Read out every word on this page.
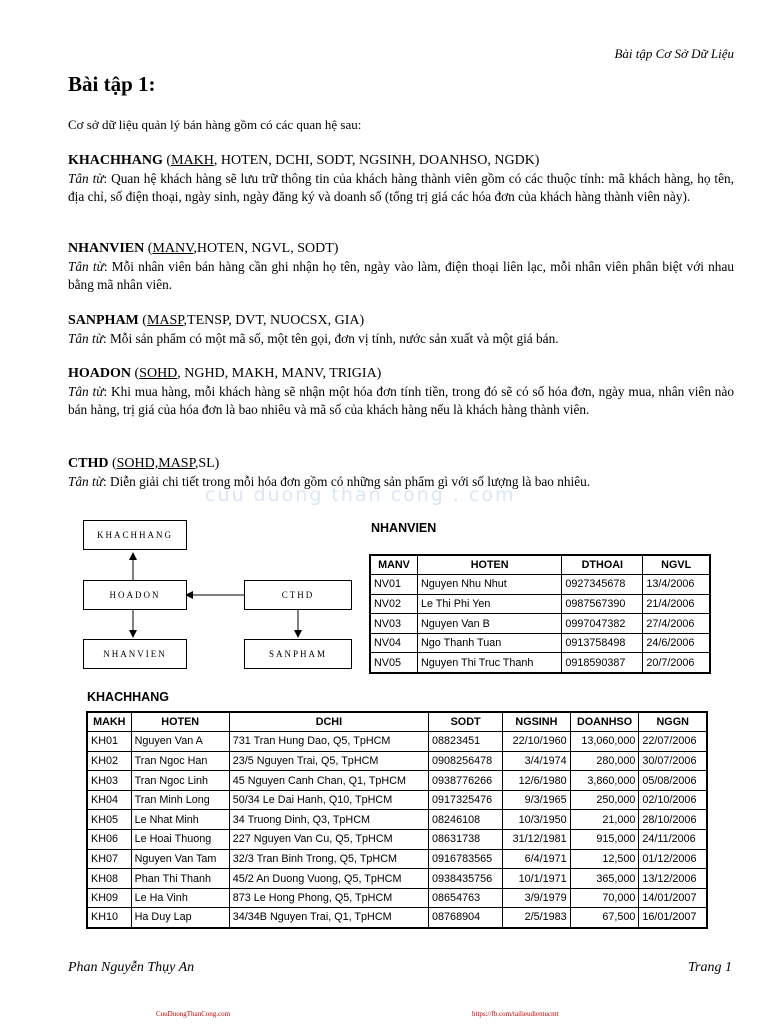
Bài tập Cơ Sở Dữ Liệu
Bài tập 1:
Cơ sở dữ liệu quản lý bán hàng gồm có các quan hệ sau:
KHACHHANG (MAKH, HOTEN, DCHI, SODT, NGSINH, DOANHSO, NGDK)
Tân từ: Quan hệ khách hàng sẽ lưu trữ thông tin của khách hàng thành viên gồm có các thuộc tính: mã khách hàng, họ tên, địa chỉ, số điện thoại, ngày sinh, ngày đăng ký và doanh số (tổng trị giá các hóa đơn của khách hàng thành viên này).
NHANVIEN (MANV,HOTEN, NGVL, SODT)
Tân từ: Mỗi nhân viên bán hàng cần ghi nhận họ tên, ngày vào làm, điện thoại liên lạc, mỗi nhân viên phân biệt với nhau bằng mã nhân viên.
SANPHAM (MASP,TENSP, DVT, NUOCSX, GIA)
Tân từ: Mỗi sản phẩm có một mã số, một tên gọi, đơn vị tính, nước sản xuất và một giá bán.
HOADON (SOHD, NGHD, MAKH, MANV, TRIGIA)
Tân từ: Khi mua hàng, mỗi khách hàng sẽ nhận một hóa đơn tính tiền, trong đó sẽ có số hóa đơn, ngày mua, nhân viên nào bán hàng, trị giá của hóa đơn là bao nhiêu và mã số của khách hàng nếu là khách hàng thành viên.
CTHD (SOHD,MASP,SL)
Tân từ: Diễn giải chi tiết trong mỗi hóa đơn gồm có những sản phẩm gì với số lượng là bao nhiêu.
cuu duong than cong . com
KHACHHANG
HOADON	CTHD
NHANVIEN	SANPHAM
NHANVIEN
MANV	HOTEN	DTHOAI	NGVL
NV01	Nguyen Nhu Nhut	0927345678	13/4/2006
NV02	Le Thi Phi Yen	0987567390	21/4/2006
NV03	Nguyen Van B	0997047382	27/4/2006
NV04	Ngo Thanh Tuan	0913758498	24/6/2006
NV05	Nguyen Thi Truc Thanh	0918590387	20/7/2006
KHACHHANG
MAKH	HOTEN	DCHI	SODT	NGSINH	DOANHSO	NGGN
KH01	Nguyen Van A	731 Tran Hung Dao, Q5, TpHCM	08823451	22/10/1960	13,060,000	22/07/2006
KH02	Tran Ngoc Han	23/5 Nguyen Trai, Q5, TpHCM	0908256478	3/4/1974	280,000	30/07/2006
KH03	Tran Ngoc Linh	45 Nguyen Canh Chan, Q1, TpHCM	0938776266	12/6/1980	3,860,000	05/08/2006
KH04	Tran Minh Long	50/34 Le Dai Hanh, Q10, TpHCM	0917325476	9/3/1965	250,000	02/10/2006
KH05	Le Nhat Minh	34 Truong Dinh, Q3, TpHCM	08246108	10/3/1950	21,000	28/10/2006
KH06	Le Hoai Thuong	227 Nguyen Van Cu, Q5, TpHCM	08631738	31/12/1981	915,000	24/11/2006
KH07	Nguyen Van Tam	32/3 Tran Binh Trong, Q5, TpHCM	0916783565	6/4/1971	12,500	01/12/2006
KH08	Phan Thi Thanh	45/2 An Duong Vuong, Q5, TpHCM	0938435756	10/1/1971	365,000	13/12/2006
KH09	Le Ha Vinh	873 Le Hong Phong, Q5, TpHCM	08654763	3/9/1979	70,000	14/01/2007
KH10	Ha Duy Lap	34/34B Nguyen Trai, Q1, TpHCM	08768904	2/5/1983	67,500	16/01/2007
Phan Nguyễn Thụy An	Trang 1
CuuDuongThanCong.com	https://fb.com/tailieudientucntt
